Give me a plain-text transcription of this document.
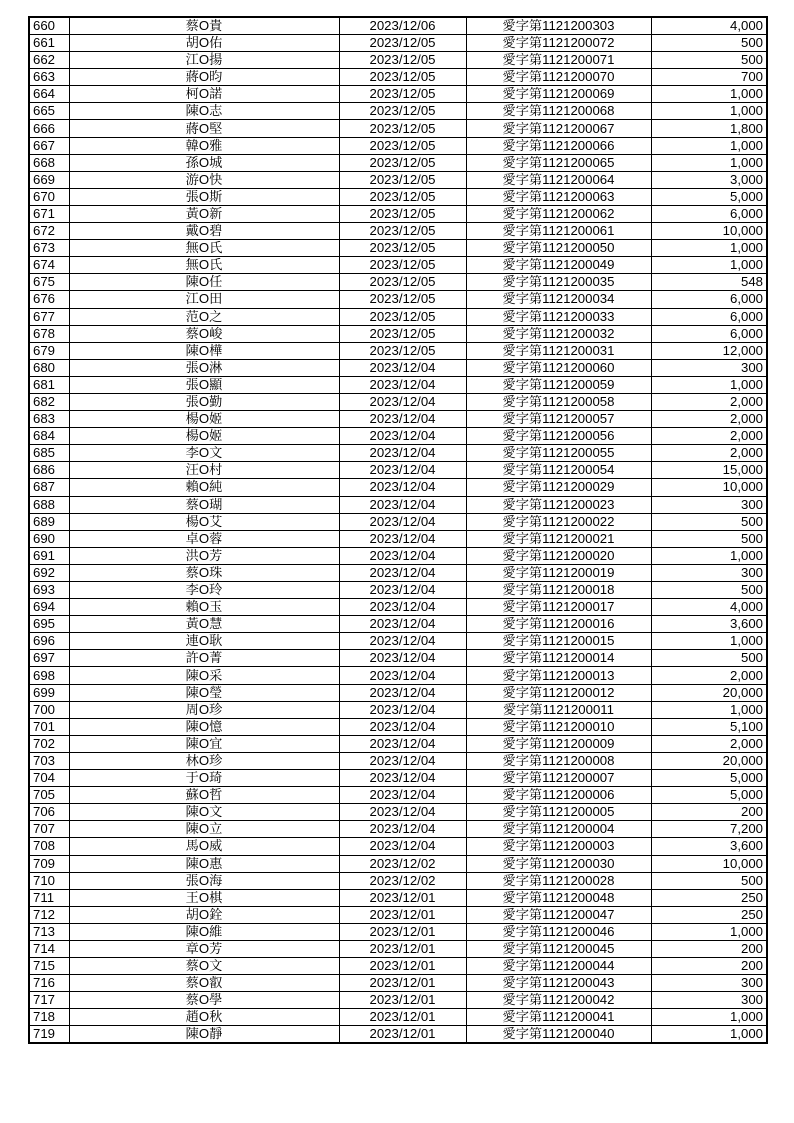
660	蔡O貴	2023/12/06	愛字第1121200303	4,000
661	胡O佑	2023/12/05	愛字第1121200072	500
662	江O揚	2023/12/05	愛字第1121200071	500
663	蔣O昀	2023/12/05	愛字第1121200070	700
664	柯O諾	2023/12/05	愛字第1121200069	1,000
665	陳O志	2023/12/05	愛字第1121200068	1,000
666	蔣O堅	2023/12/05	愛字第1121200067	1,800
667	韓O雅	2023/12/05	愛字第1121200066	1,000
668	孫O城	2023/12/05	愛字第1121200065	1,000
669	游O快	2023/12/05	愛字第1121200064	3,000
670	張O斯	2023/12/05	愛字第1121200063	5,000
671	黃O新	2023/12/05	愛字第1121200062	6,000
672	戴O碧	2023/12/05	愛字第1121200061	10,000
673	無O氏	2023/12/05	愛字第1121200050	1,000
674	無O氏	2023/12/05	愛字第1121200049	1,000
675	陳O任	2023/12/05	愛字第1121200035	548
676	江O田	2023/12/05	愛字第1121200034	6,000
677	范O之	2023/12/05	愛字第1121200033	6,000
678	蔡O峻	2023/12/05	愛字第1121200032	6,000
679	陳O樺	2023/12/05	愛字第1121200031	12,000
680	張O淋	2023/12/04	愛字第1121200060	300
681	張O顯	2023/12/04	愛字第1121200059	1,000
682	張O勤	2023/12/04	愛字第1121200058	2,000
683	楊O姬	2023/12/04	愛字第1121200057	2,000
684	楊O姬	2023/12/04	愛字第1121200056	2,000
685	李O文	2023/12/04	愛字第1121200055	2,000
686	汪O村	2023/12/04	愛字第1121200054	15,000
687	賴O純	2023/12/04	愛字第1121200029	10,000
688	蔡O瑚	2023/12/04	愛字第1121200023	300
689	楊O艾	2023/12/04	愛字第1121200022	500
690	卓O蓉	2023/12/04	愛字第1121200021	500
691	洪O芳	2023/12/04	愛字第1121200020	1,000
692	蔡O珠	2023/12/04	愛字第1121200019	300
693	李O玲	2023/12/04	愛字第1121200018	500
694	賴O玉	2023/12/04	愛字第1121200017	4,000
695	黃O慧	2023/12/04	愛字第1121200016	3,600
696	連O耿	2023/12/04	愛字第1121200015	1,000
697	許O菁	2023/12/04	愛字第1121200014	500
698	陳O采	2023/12/04	愛字第1121200013	2,000
699	陳O瑩	2023/12/04	愛字第1121200012	20,000
700	周O珍	2023/12/04	愛字第1121200011	1,000
701	陳O憶	2023/12/04	愛字第1121200010	5,100
702	陳O宜	2023/12/04	愛字第1121200009	2,000
703	林O珍	2023/12/04	愛字第1121200008	20,000
704	于O琦	2023/12/04	愛字第1121200007	5,000
705	蘇O哲	2023/12/04	愛字第1121200006	5,000
706	陳O文	2023/12/04	愛字第1121200005	200
707	陳O立	2023/12/04	愛字第1121200004	7,200
708	馬O威	2023/12/04	愛字第1121200003	3,600
709	陳O惠	2023/12/02	愛字第1121200030	10,000
710	張O海	2023/12/02	愛字第1121200028	500
711	王O棋	2023/12/01	愛字第1121200048	250
712	胡O銓	2023/12/01	愛字第1121200047	250
713	陳O維	2023/12/01	愛字第1121200046	1,000
714	章O芳	2023/12/01	愛字第1121200045	200
715	蔡O文	2023/12/01	愛字第1121200044	200
716	蔡O叡	2023/12/01	愛字第1121200043	300
717	蔡O學	2023/12/01	愛字第1121200042	300
718	趙O秋	2023/12/01	愛字第1121200041	1,000
719	陳O靜	2023/12/01	愛字第1121200040	1,000
